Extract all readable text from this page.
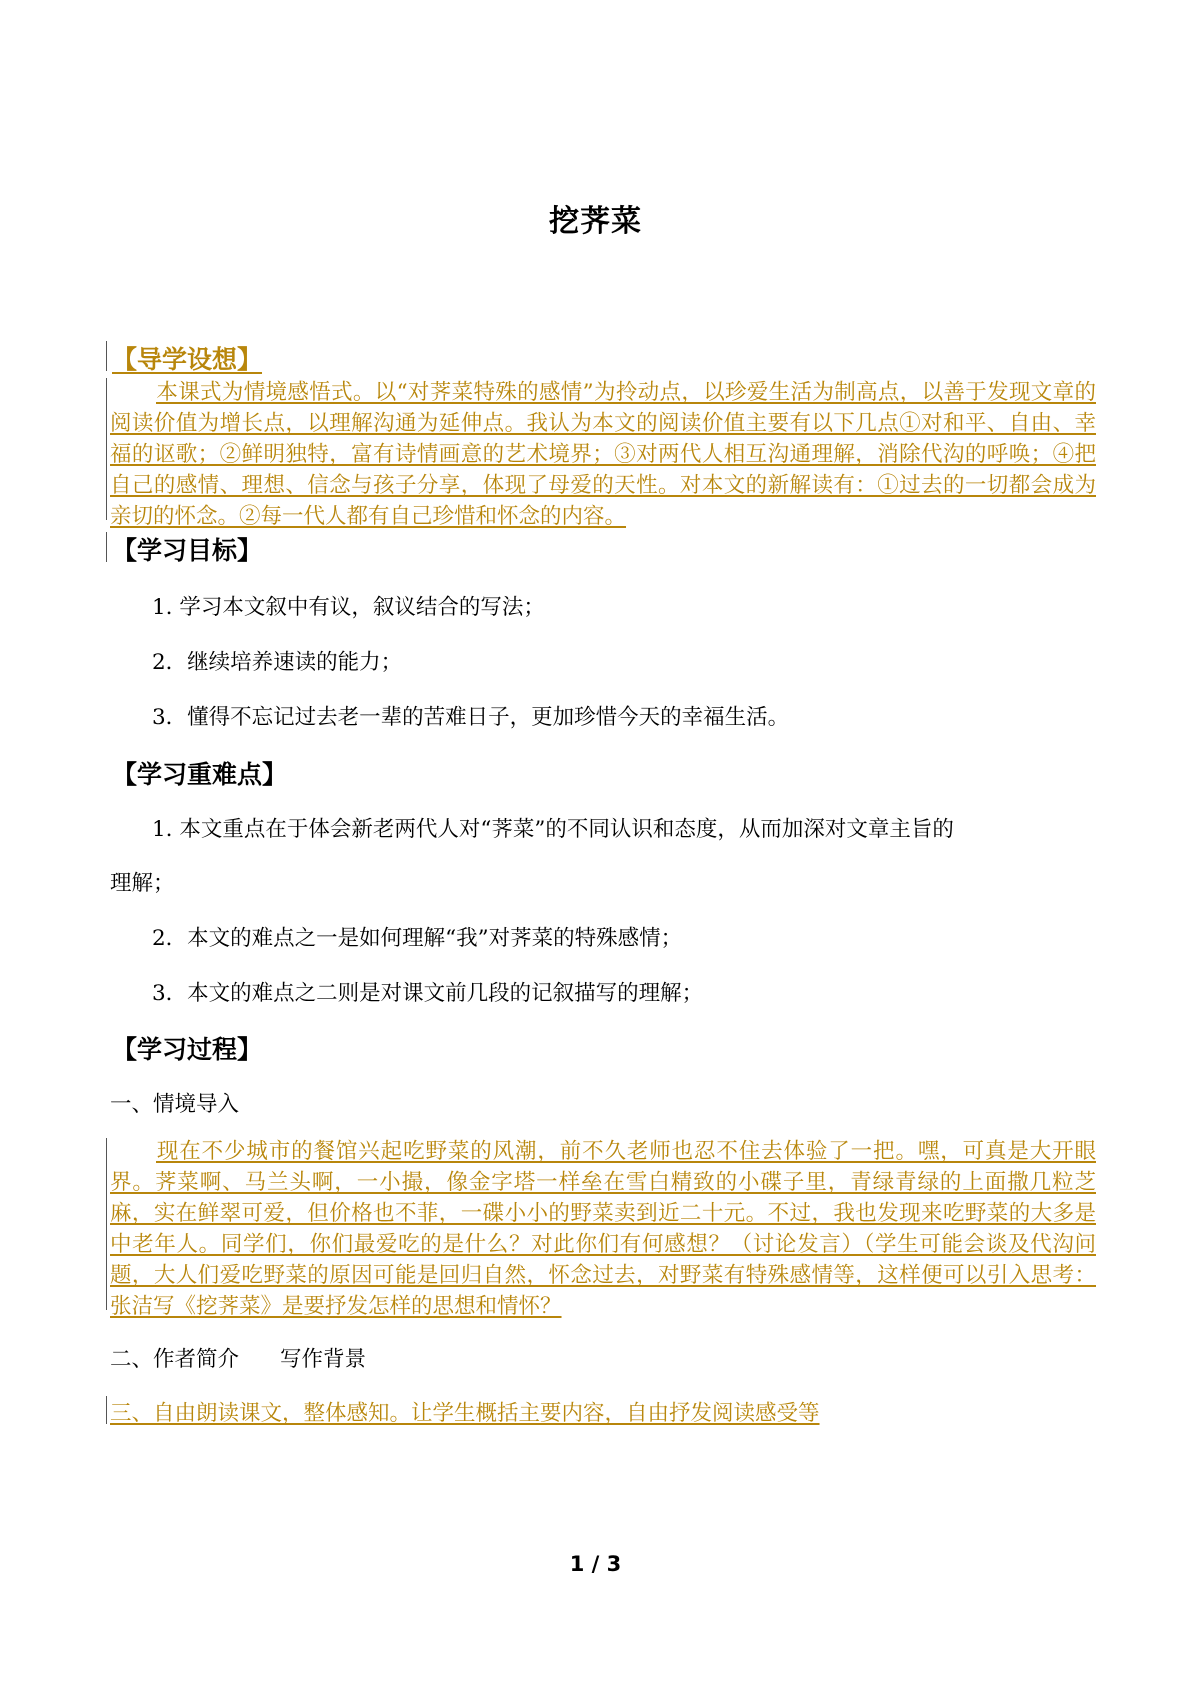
挖荠菜
【导学设想】
本课式为情境感悟式。以“对荠菜特殊的感情”为拎动点，以珍爱生活为制高点，以善于发现文章的阅读价值为增长点，以理解沟通为延伸点。我认为本文的阅读价值主要有以下几点①对和平、自由、幸福的讴歌；②鲜明独特，富有诗情画意的艺术境界；③对两代人相互沟通理解，消除代沟的呼唤；④把自己的感情、理想、信念与孩子分享，体现了母爱的天性。对本文的新解读有：①过去的一切都会成为亲切的怀念。②每一代人都有自己珍惜和怀念的内容。
【学习目标】
1. 学习本文叙中有议，叙议结合的写法；
2．继续培养速读的能力；
3．懂得不忘记过去老一辈的苦难日子，更加珍惜今天的幸福生活。
【学习重难点】
1. 本文重点在于体会新老两代人对“荠菜”的不同认识和态度，从而加深对文章主旨的
理解；
2．本文的难点之一是如何理解“我”对荠菜的特殊感情；
3．本文的难点之二则是对课文前几段的记叙描写的理解；
【学习过程】
一、情境导入
现在不少城市的餐馆兴起吃野菜的风潮，前不久老师也忍不住去体验了一把。嘿，可真是大开眼界。荠菜啊、马兰头啊，一小撮，像金字塔一样垒在雪白精致的小碟子里，青绿青绿的上面撒几粒芝麻，实在鲜翠可爱，但价格也不菲，一碟小小的野菜卖到近二十元。不过，我也发现来吃野菜的大多是中老年人。同学们，你们最爱吃的是什么？对此你们有何感想？（讨论发言）（学生可能会谈及代沟问题，大人们爱吃野菜的原因可能是回归自然，怀念过去，对野菜有特殊感情等，这样便可以引入思考：张洁写《挖荠菜》是要抒发怎样的思想和情怀？
二、作者简介      写作背景
三、自由朗读课文，整体感知。让学生概括主要内容，自由抒发阅读感受等
1 / 3
